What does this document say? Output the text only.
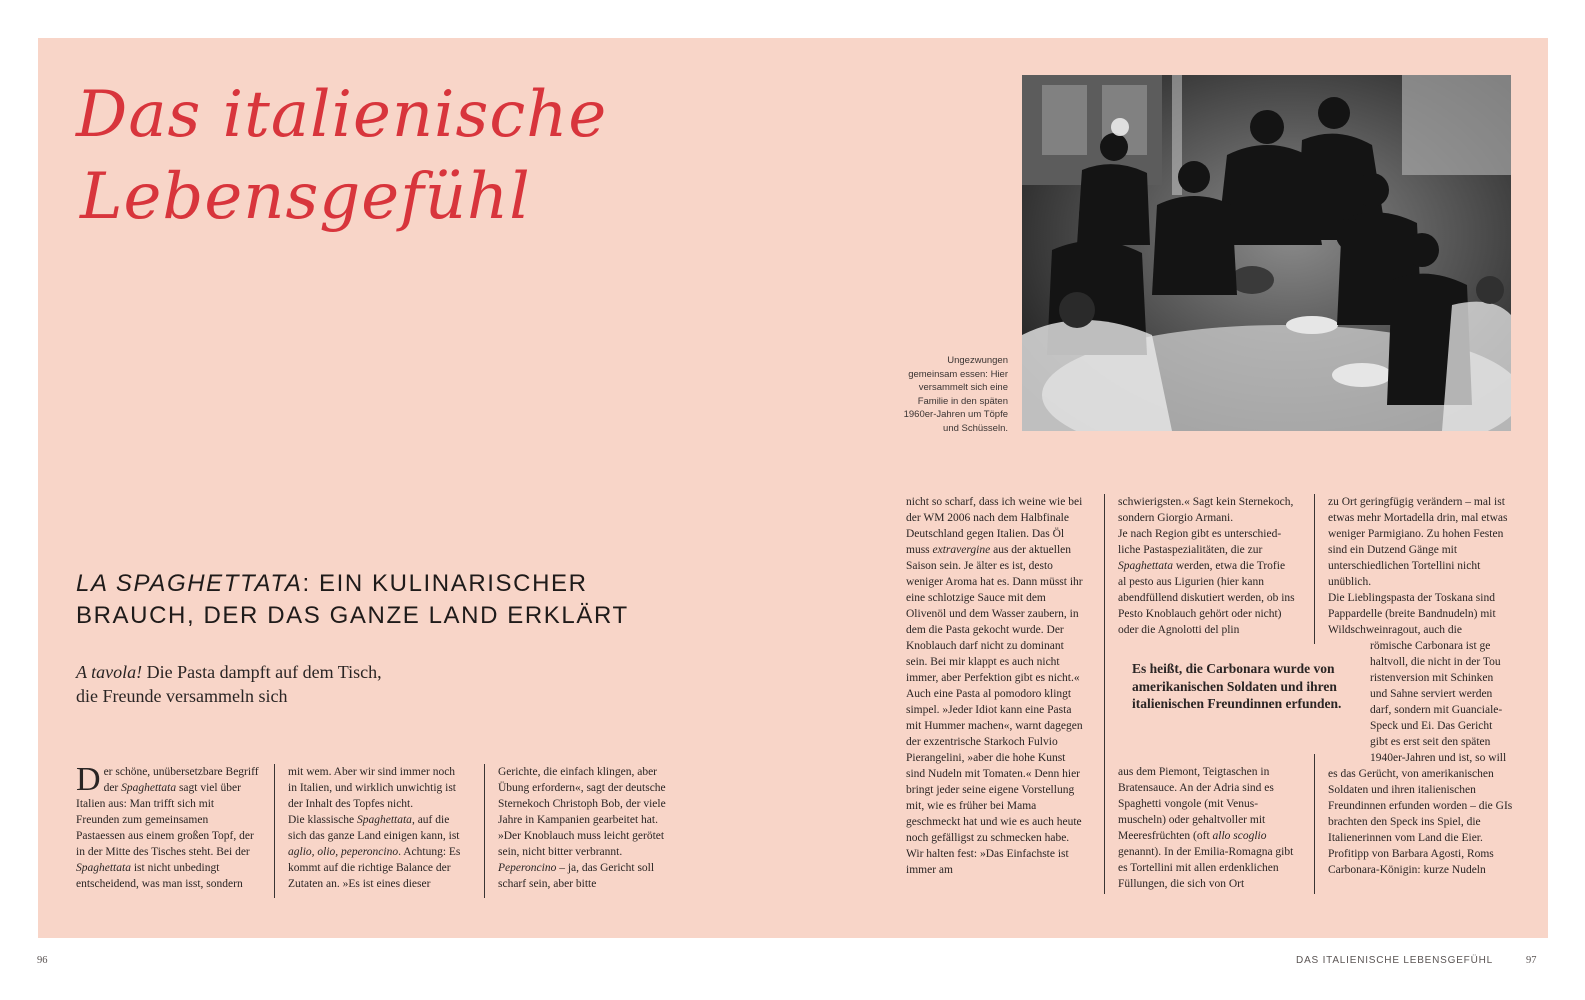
Das italienische
Lebensgefühl
Ungezwungen
gemeinsam essen: Hier
versammelt sich eine
Familie in den späten
1960er-Jahren um Töpfe
und Schüsseln.
LA SPAGHETTATA: EIN KULINARISCHER
BRAUCH, DER DAS GANZE LAND ERKLÄRT
A tavola! Die Pasta dampft auf dem Tisch,
die Freunde versammeln sich

Der schöne, unübersetzbare Begriff der Spaghettata sagt viel über Italien aus: Man trifft sich mit Freunden zum gemeinsamen Pastaessen aus einem großen Topf, der in der Mitte des Tisches steht. Bei der Spaghettata ist nicht unbedingt entscheidend, was man isst, sondern

mit wem. Aber wir sind immer noch in Italien, und wirklich unwichtig ist der Inhalt des Topfes nicht.

Die klassische Spaghettata, auf die sich das ganze Land einigen kann, ist aglio, olio, peperoncino. Achtung: Es kommt auf die richtige Balance der Zutaten an. »Es ist eines dieser

Gerichte, die einfach klingen, aber Übung erfordern«, sagt der deutsche Sternekoch Christoph Bob, der viele Jahre in Kampanien gearbeitet hat. »Der Knoblauch muss leicht gerötet sein, nicht bitter verbrannt. Peperoncino – ja, das Gericht soll scharf sein, aber bitte

nicht so scharf, dass ich weine wie bei der WM 2006 nach dem Halbfinale Deutschland gegen Italien. Das Öl muss extravergine aus der aktuellen Saison sein. Je älter es ist, desto weniger Aroma hat es. Dann müsst ihr eine schlotzige Sauce mit dem Olivenöl und dem Wasser zaubern, in dem die Pasta gekocht wurde. Der Knoblauch darf nicht zu dominant sein. Bei mir klappt es auch nicht immer, aber Perfektion gibt es nicht.«

Auch eine Pasta al pomodoro klingt simpel. »Jeder Idiot kann eine Pasta mit Hummer machen«, warnt dagegen der exzentrische Starkoch Fulvio Pierangelini, »aber die hohe Kunst sind Nudeln mit Tomaten.« Denn hier bringt jeder seine eigene Vorstellung mit, wie es früher bei Mama geschmeckt hat und wie es auch heute noch gefälligst zu schmecken habe. Wir halten fest: »Das Einfachste ist immer am

schwierigsten.« Sagt kein Sternekoch, sondern Giorgio Armani.

Je nach Region gibt es unterschiedliche Pastaspezialitäten, die zur Spaghettata werden, etwa die Trofie al pesto aus Ligurien (hier kann abendfüllend diskutiert werden, ob ins Pesto Knoblauch gehört oder nicht) oder die Agnolotti del plin

Es heißt, die Carbonara wurde von amerikanischen Soldaten und ihren italienischen Freundinnen erfunden.

aus dem Piemont, Teigtaschen in Bratensauce. An der Adria sind es Spaghetti vongole (mit Venusmuscheln) oder gehaltvoller mit Meeresfrüchten (oft allo scoglio genannt). In der Emilia-Romagna gibt es Tortellini mit allen erdenklichen Füllungen, die sich von Ort

zu Ort geringfügig verändern – mal ist etwas mehr Mortadella drin, mal etwas weniger Parmigiano. Zu hohen Festen sind ein Dutzend Gänge mit unterschiedlichen Tortellini nicht unüblich.

Die Lieblingspasta der Toskana sind Pappardelle (breite Bandnudeln) mit Wildschweinragout, auch die

römische Carbonara ist ge
haltvoll, die nicht in der Tou
ristenversion mit Schinken
und Sahne serviert werden
darf, sondern mit Guanciale-
Speck und Ei. Das Gericht
gibt es erst seit den späten
1940er-Jahren und ist, so will

es das Gerücht, von amerikanischen Soldaten und ihren italienischen Freundinnen erfunden worden – die GIs brachten den Speck ins Spiel, die Italienerinnen vom Land die Eier.

Profitipp von Barbara Agosti, Roms Carbonara-Königin: kurze Nudeln

96	DAS ITALIENISCHE LEBENSGEFÜHL	97
